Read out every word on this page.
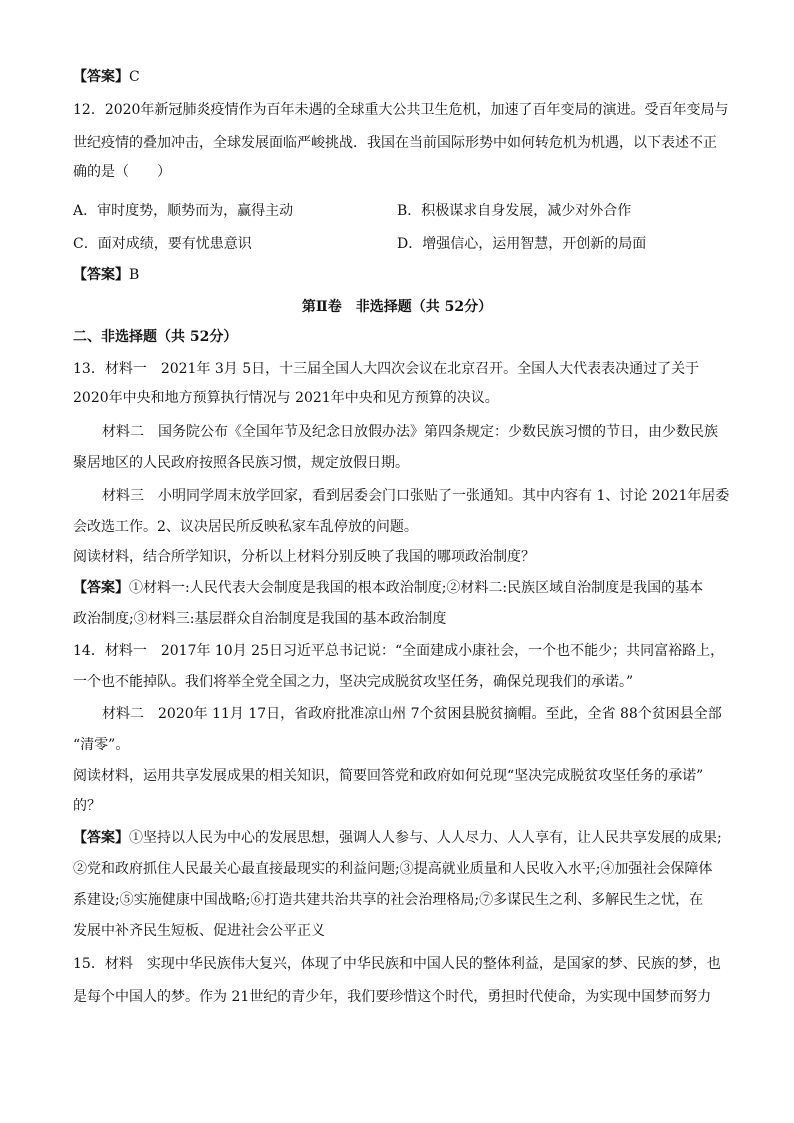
【答案】C
12．2020年新冠肺炎疫情作为百年未遇的全球重大公共卫生危机，加速了百年变局的演进。受百年变局与
世纪疫情的叠加冲击，全球发展面临严峻挑战．我国在当前国际形势中如何转危机为机遇，以下表述不正
确的是（　　）
A．审时度势，顺势而为，赢得主动	B．积极谋求自身发展，减少对外合作
C．面对成绩，要有忧患意识	D．增强信心，运用智慧，开创新的局面
【答案】B
第Ⅱ卷　非选择题（共 52分）
二、非选择题（共 52分）
13．材料一　2021年 3月 5日，十三届全国人大四次会议在北京召开。全国人大代表表决通过了关于
2020年中央和地方预算执行情况与 2021年中央和见方预算的决议。
材料二　国务院公布《全国年节及纪念日放假办法》第四条规定：少数民族习惯的节日，由少数民族
聚居地区的人民政府按照各民族习惯，规定放假日期。
材料三　小明同学周末放学回家，看到居委会门口张贴了一张通知。其中内容有 1、讨论 2021年居委
会改选工作。2、议决居民所反映私家车乱停放的问题。
阅读材料，结合所学知识，分析以上材料分别反映了我国的哪项政治制度？
【答案】①材料一:人民代表大会制度是我国的根本政治制度;②材料二:民族区域自治制度是我国的基本
政治制度;③材料三:基层群众自治制度是我国的基本政治制度
14．材料一　2017年 10月 25日习近平总书记说：“全面建成小康社会，一个也不能少；共同富裕路上，
一个也不能掉队。我们将举全党全国之力，坚决完成脱贫攻坚任务，确保兑现我们的承诺。”
材料二　2020年 11月 17日，省政府批准凉山州 7个贫困县脱贫摘帽。至此，全省 88个贫困县全部
“清零”。
阅读材料，运用共享发展成果的相关知识，简要回答党和政府如何兑现“坚决完成脱贫攻坚任务的承诺”
的？
【答案】①坚持以人民为中心的发展思想，强调人人参与、人人尽力、人人享有，让人民共享发展的成果;
②党和政府抓住人民最关心最直接最现实的利益问题;③提高就业质量和人民收入水平;④加强社会保障体
系建设;⑤实施健康中国战略;⑥打造共建共治共享的社会治理格局;⑦多谋民生之利、多解民生之忧，在
发展中补齐民生短板、促进社会公平正义
15．材料　实现中华民族伟大复兴，体现了中华民族和中国人民的整体利益，是国家的梦、民族的梦，也
是每个中国人的梦。作为 21世纪的青少年，我们要珍惜这个时代，勇担时代使命，为实现中国梦而努力
